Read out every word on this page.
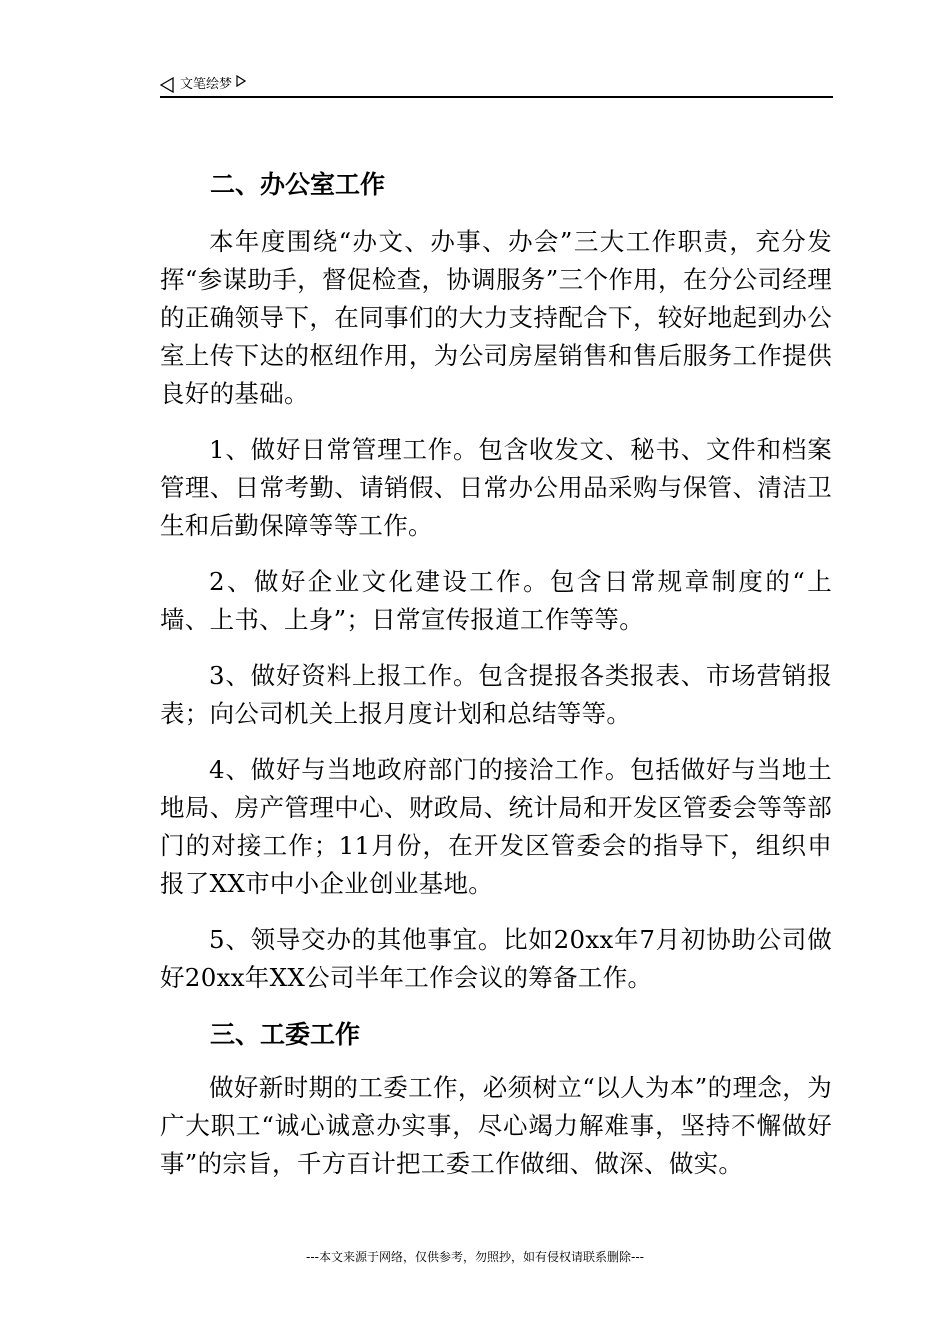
文笔绘梦
二、办公室工作

本年度围绕“办文、办事、办会”三大工作职责，充分发挥“参谋助手，督促检查，协调服务”三个作用，在分公司经理的正确领导下，在同事们的大力支持配合下，较好地起到办公室上传下达的枢纽作用，为公司房屋销售和售后服务工作提供良好的基础。

1、做好日常管理工作。包含收发文、秘书、文件和档案管理、日常考勤、请销假、日常办公用品采购与保管、清洁卫生和后勤保障等等工作。

2、做好企业文化建设工作。包含日常规章制度的“上墙、上书、上身”；日常宣传报道工作等等。

3、做好资料上报工作。包含提报各类报表、市场营销报表；向公司机关上报月度计划和总结等等。

4、做好与当地政府部门的接洽工作。包括做好与当地土地局、房产管理中心、财政局、统计局和开发区管委会等等部门的对接工作；11月份，在开发区管委会的指导下，组织申报了XX市中小企业创业基地。

5、领导交办的其他事宜。比如20xx年7月初协助公司做好20xx年XX公司半年工作会议的筹备工作。

三、工委工作

做好新时期的工委工作，必须树立“以人为本”的理念，为广大职工“诚心诚意办实事，尽心竭力解难事，坚持不懈做好事”的宗旨，千方百计把工委工作做细、做深、做实。

---本文来源于网络，仅供参考，勿照抄，如有侵权请联系删除---
